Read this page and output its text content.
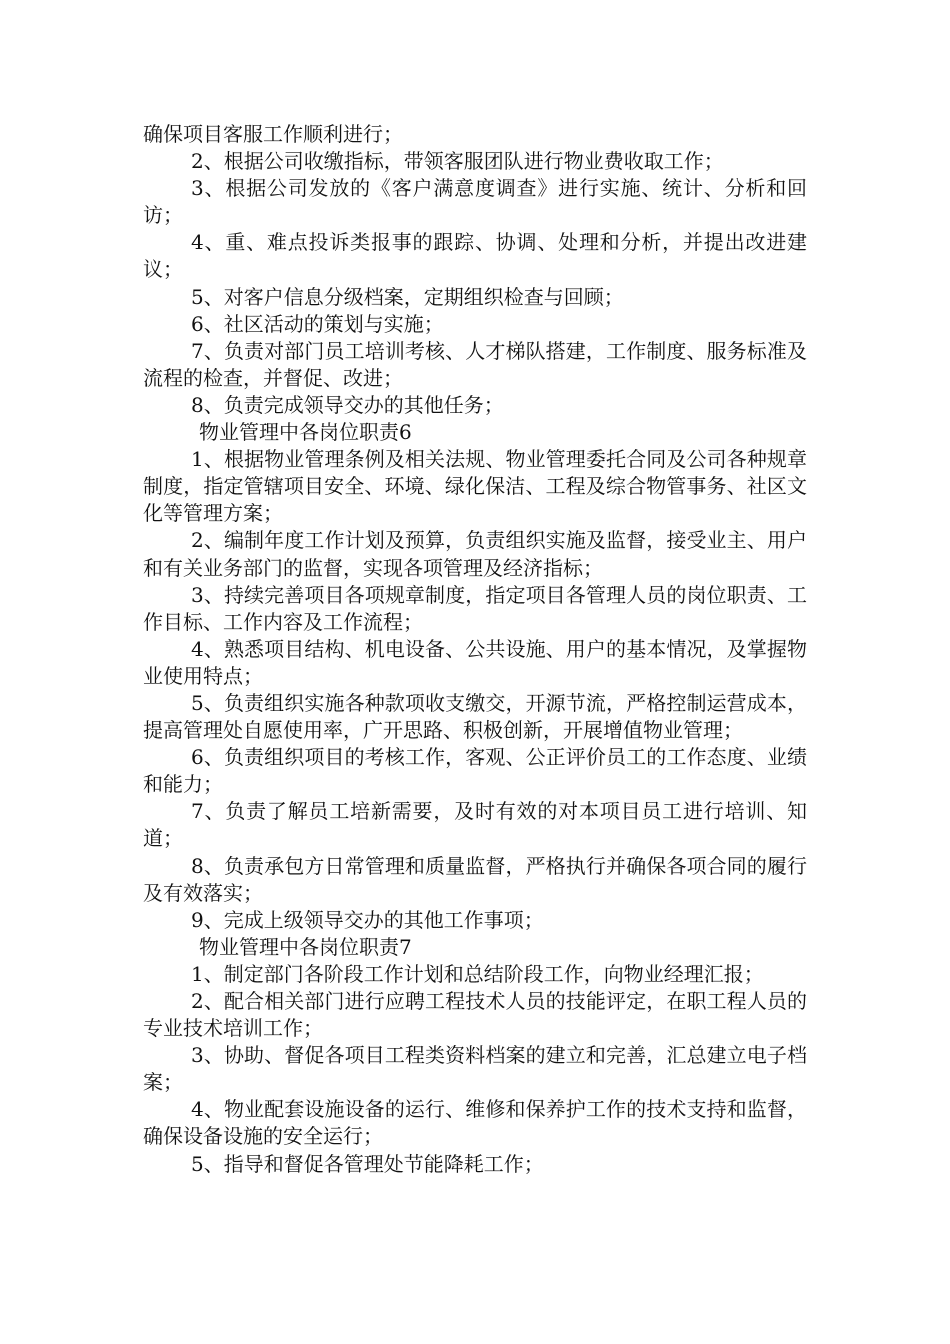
确保项目客服工作顺利进行；

2、根据公司收缴指标，带领客服团队进行物业费收取工作；

3、根据公司发放的《客户满意度调查》进行实施、统计、分析和回访；

4、重、难点投诉类报事的跟踪、协调、处理和分析，并提出改进建议；

5、对客户信息分级档案，定期组织检查与回顾；

6、社区活动的策划与实施；

7、负责对部门员工培训考核、人才梯队搭建，工作制度、服务标准及流程的检查，并督促、改进；

8、负责完成领导交办的其他任务；

物业管理中各岗位职责6

1、根据物业管理条例及相关法规、物业管理委托合同及公司各种规章制度，指定管辖项目安全、环境、绿化保洁、工程及综合物管事务、社区文化等管理方案；

2、编制年度工作计划及预算，负责组织实施及监督，接受业主、用户和有关业务部门的监督，实现各项管理及经济指标；

3、持续完善项目各项规章制度，指定项目各管理人员的岗位职责、工作目标、工作内容及工作流程；

4、熟悉项目结构、机电设备、公共设施、用户的基本情况，及掌握物业使用特点；

5、负责组织实施各种款项收支缴交，开源节流，严格控制运营成本，提高管理处自愿使用率，广开思路、积极创新，开展增值物业管理；

6、负责组织项目的考核工作，客观、公正评价员工的工作态度、业绩和能力；

7、负责了解员工培新需要，及时有效的对本项目员工进行培训、知道；

8、负责承包方日常管理和质量监督，严格执行并确保各项合同的履行及有效落实；

9、完成上级领导交办的其他工作事项；

物业管理中各岗位职责7

1、制定部门各阶段工作计划和总结阶段工作，向物业经理汇报；

2、配合相关部门进行应聘工程技术人员的技能评定，在职工程人员的专业技术培训工作；

3、协助、督促各项目工程类资料档案的建立和完善，汇总建立电子档案；

4、物业配套设施设备的运行、维修和保养护工作的技术支持和监督，确保设备设施的安全运行；

5、指导和督促各管理处节能降耗工作；
